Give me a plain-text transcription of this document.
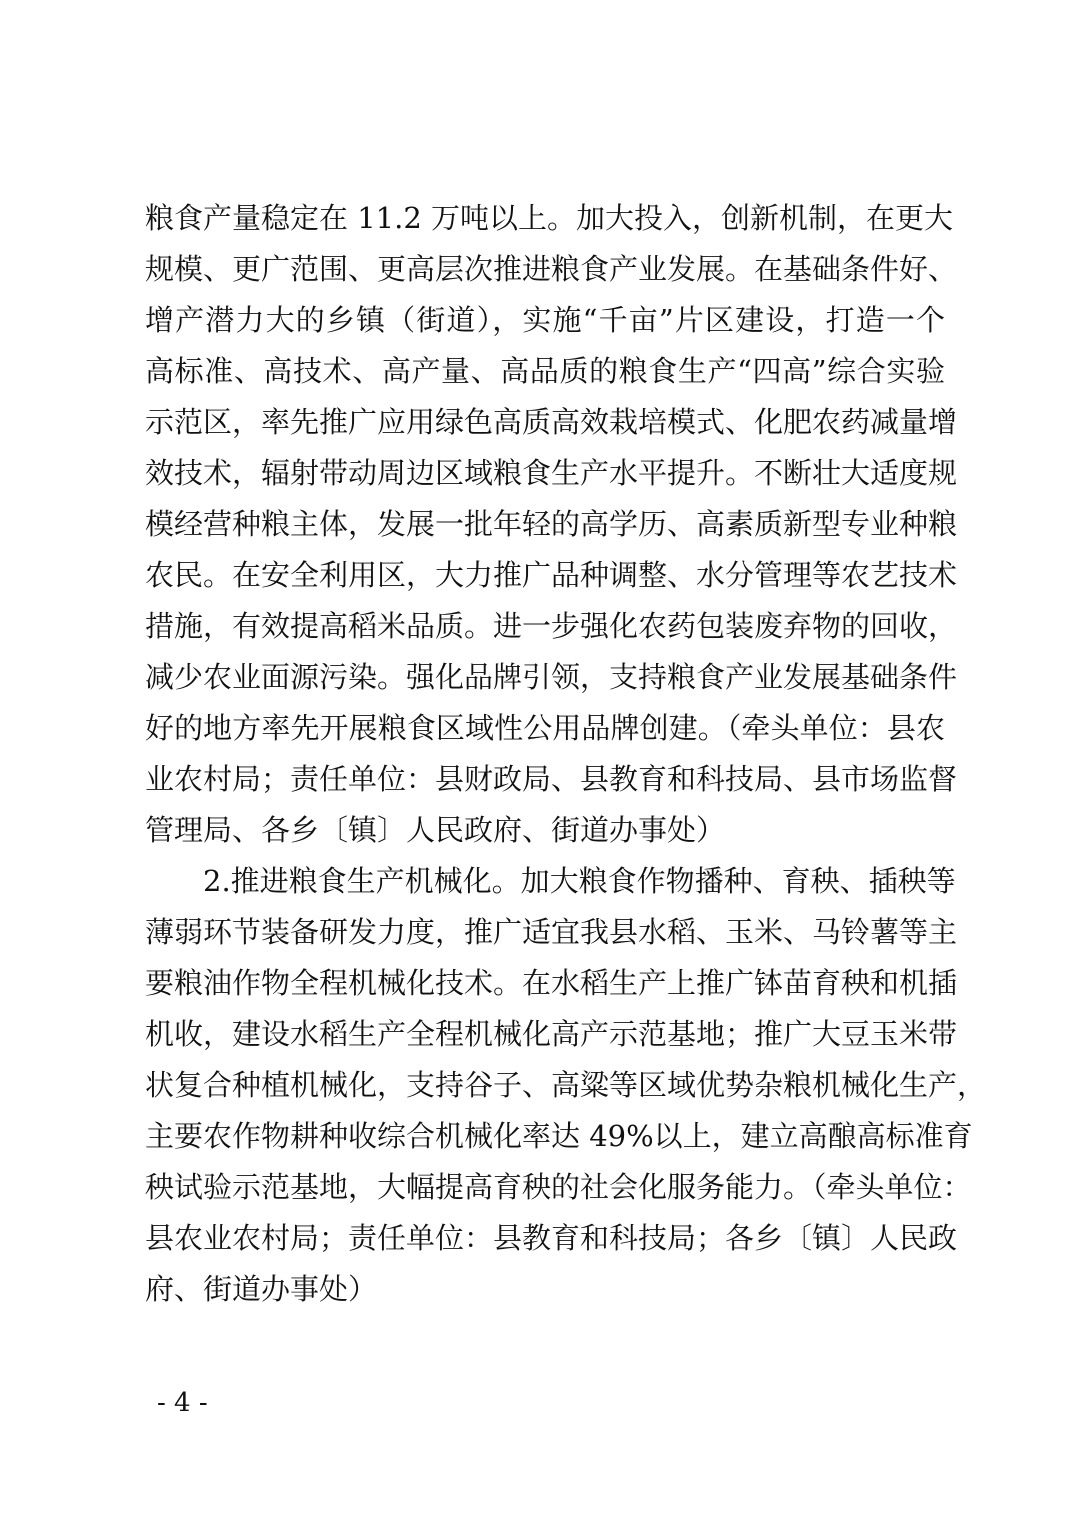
粮食产量稳定在 11.2 万吨以上。加大投入，创新机制，在更大
规模、更广范围、更高层次推进粮食产业发展。在基础条件好、
增产潜力大的乡镇（街道），实施“千亩”片区建设，打造一个
高标准、高技术、高产量、高品质的粮食生产“四高”综合实验
示范区，率先推广应用绿色高质高效栽培模式、化肥农药减量增
效技术，辐射带动周边区域粮食生产水平提升。不断壮大适度规
模经营种粮主体，发展一批年轻的高学历、高素质新型专业种粮
农民。在安全利用区，大力推广品种调整、水分管理等农艺技术
措施，有效提高稻米品质。进一步强化农药包装废弃物的回收，
减少农业面源污染。强化品牌引领，支持粮食产业发展基础条件
好的地方率先开展粮食区域性公用品牌创建。（牵头单位：县农
业农村局；责任单位：县财政局、县教育和科技局、县市场监督
管理局、各乡〔镇〕人民政府、街道办事处）
2.推进粮食生产机械化。加大粮食作物播种、育秧、插秧等
薄弱环节装备研发力度，推广适宜我县水稻、玉米、马铃薯等主
要粮油作物全程机械化技术。在水稻生产上推广钵苗育秧和机插
机收，建设水稻生产全程机械化高产示范基地；推广大豆玉米带
状复合种植机械化，支持谷子、高粱等区域优势杂粮机械化生产，
主要农作物耕种收综合机械化率达 49%以上，建立高酿高标准育
秧试验示范基地，大幅提高育秧的社会化服务能力。（牵头单位：
县农业农村局；责任单位：县教育和科技局；各乡〔镇〕人民政
府、街道办事处）
- 4 -
